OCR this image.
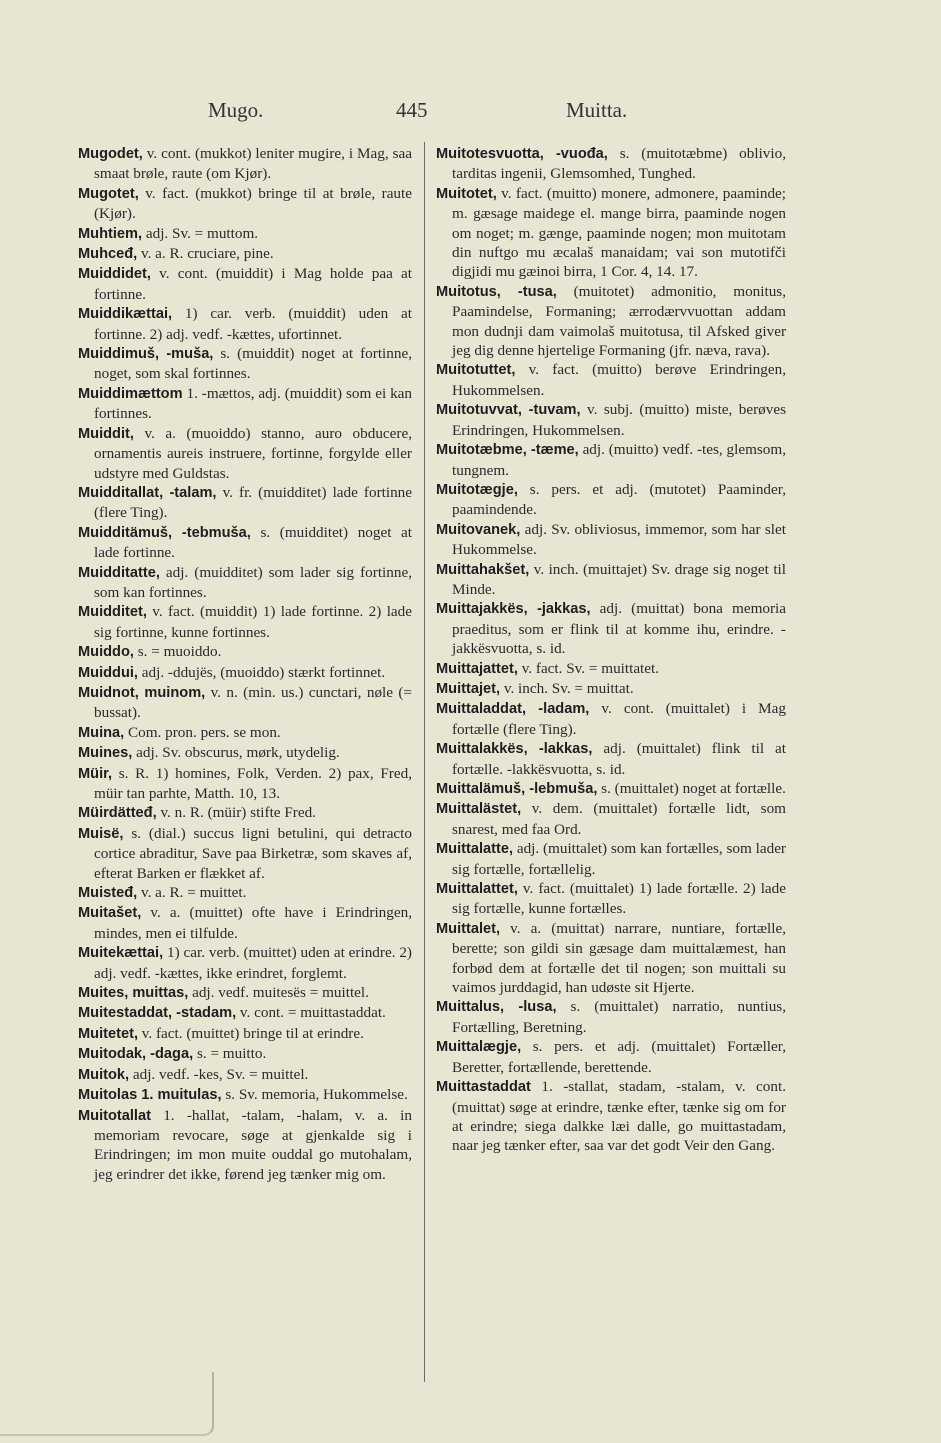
Mugo.	445	Muitta.
Mugodet, v. cont. (mukkot) leniter mugire, i Mag, saa smaat brøle, raute (om Kjør).
Mugotet, v. fact. (mukkot) bringe til at brøle, raute (Kjør).
Muhtiem, adj. Sv. = muttom.
Muhceđ, v. a. R. cruciare, pine.
Muiddidet, v. cont. (muiddit) i Mag holde paa at fortinne.
Muiddikættai, 1) car. verb. (muiddit) uden at fortinne. 2) adj. vedf. -kættes, ufortinnet.
Muiddimuš, -muša, s. (muiddit) noget at fortinne, noget, som skal fortinnes.
Muiddimættom 1. -mættos, adj. (muiddit) som ei kan fortinnes.
Muiddit, v. a. (muoiddo) stanno, auro obducere, ornamentis aureis instruere, fortinne, forgylde eller udstyre med Guldstas.
Muidditallat, -talam, v. fr. (muidditet) lade fortinne (flere Ting).
Muidditämuš, -tebmuša, s. (muidditet) noget at lade fortinne.
Muidditatte, adj. (muidditet) som lader sig fortinne, som kan fortinnes.
Muidditet, v. fact. (muiddit) 1) lade fortinne. 2) lade sig fortinne, kunne fortinnes.
Muiddo, s. = muoiddo.
Muiddui, adj. -ddujës, (muoiddo) stærkt fortinnet.
Muidnot, muinom, v. n. (min. us.) cunctari, nøle (= bussat).
Muina, Com. pron. pers. se mon.
Muines, adj. Sv. obscurus, mørk, utydelig.
Müir, s. R. 1) homines, Folk, Verden. 2) pax, Fred, müir tan parhte, Matth. 10, 13.
Müirdätteđ, v. n. R. (müir) stifte Fred.
Muisë, s. (dial.) succus ligni betulini, qui detracto cortice abraditur, Save paa Birketræ, som skaves af, efterat Barken er flækket af.
Muisteđ, v. a. R. = muittet.
Muitašet, v. a. (muittet) ofte have i Erindringen, mindes, men ei tilfulde.
Muitekættai, 1) car. verb. (muittet) uden at erindre. 2) adj. vedf. -kættes, ikke erindret, forglemt.
Muites, muittas, adj. vedf. muitesës = muittel.
Muitestaddat, -stadam, v. cont. = muittastaddat.
Muitetet, v. fact. (muittet) bringe til at erindre.
Muitodak, -daga, s. = muitto.
Muitok, adj. vedf. -kes, Sv. = muittel.
Muitolas 1. muitulas, s. Sv. memoria, Hukommelse.
Muitotallat 1. -hallat, -talam, -halam, v. a. in memoriam revocare, søge at gjenkalde sig i Erindringen; im mon muite ouddal go mutohalam, jeg erindrer det ikke, førend jeg tænker mig om.
Muitotesvuotta, -vuođa, s. (muitotæbme) oblivio, tarditas ingenii, Glemsomhed, Tunghed.
Muitotet, v. fact. (muitto) monere, admonere, paaminde; m. gæsage maidege el. mange birra, paaminde nogen om noget; m. gænge, paaminde nogen; mon muitotam din nuftgo mu æcalaš manaidam; vai son mutotifči digjidi mu gæinoi birra, 1 Cor. 4, 14. 17.
Muitotus, -tusa, (muitotet) admonitio, monitus, Paamindelse, Formaning; ærrodærvvuottan addam mon dudnji dam vaimolaš muitotusa, til Afsked giver jeg dig denne hjertelige Formaning (jfr. næva, rava).
Muitotuttet, v. fact. (muitto) berøve Erindringen, Hukommelsen.
Muitotuvvat, -tuvam, v. subj. (muitto) miste, berøves Erindringen, Hukommelsen.
Muitotæbme, -tæme, adj. (muitto) vedf. -tes, glemsom, tungnem.
Muitotægje, s. pers. et adj. (mutotet) Paaminder, paamindende.
Muitovanek, adj. Sv. obliviosus, immemor, som har slet Hukommelse.
Muittahakšet, v. inch. (muittajet) Sv. drage sig noget til Minde.
Muittajakkës, -jakkas, adj. (muittat) bona memoria praeditus, som er flink til at komme ihu, erindre. -jakkësvuotta, s. id.
Muittajattet, v. fact. Sv. = muittatet.
Muittajet, v. inch. Sv. = muittat.
Muittaladdat, -ladam, v. cont. (muittalet) i Mag fortælle (flere Ting).
Muittalakkës, -lakkas, adj. (muittalet) flink til at fortælle. -lakkësvuotta, s. id.
Muittalämuš, -lebmuša, s. (muittalet) noget at fortælle.
Muittalästet, v. dem. (muittalet) fortælle lidt, som snarest, med faa Ord.
Muittalatte, adj. (muittalet) som kan fortælles, som lader sig fortælle, fortællelig.
Muittalattet, v. fact. (muittalet) 1) lade fortælle. 2) lade sig fortælle, kunne fortælles.
Muittalet, v. a. (muittat) narrare, nuntiare, fortælle, berette; son gildi sin gæsage dam muittalæmest, han forbød dem at fortælle det til nogen; son muittali su vaimos jurddagid, han udøste sit Hjerte.
Muittalus, -lusa, s. (muittalet) narratio, nuntius, Fortælling, Beretning.
Muittalægje, s. pers. et adj. (muittalet) Fortæller, Beretter, fortællende, berettende.
Muittastaddat 1. -stallat, stadam, -stalam, v. cont. (muittat) søge at erindre, tænke efter, tænke sig om for at erindre; siega dalkke læi dalle, go muittastadam, naar jeg tænker efter, saa var det godt Veir den Gang.
